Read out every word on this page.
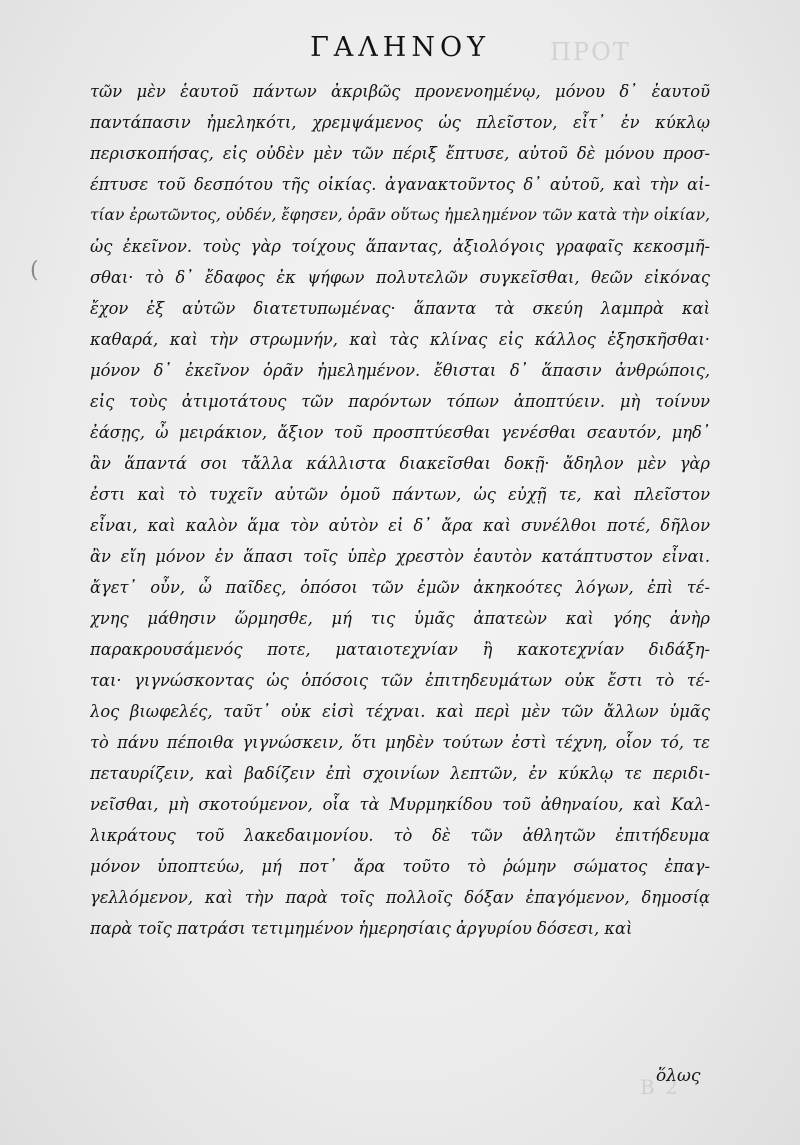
ΠΡΟΤ
B 2
(
ΓΑΛΗΝΟΥ
τῶν μὲν ἑαυτοῦ πάντων ἀκριβῶς προνενοημένῳ, μόνου δ᾽ ἑαυτοῦ
παντάπασιν ἠμεληκότι, χρεμψάμενος ὡς πλεῖστον, εἶτ᾽ ἐν κύκλῳ
περισκοπήσας, εἰς οὐδὲν μὲν τῶν πέριξ ἔπτυσε, αὐτοῦ δὲ μόνου προσ-
έπτυσε τοῦ δεσπότου τῆς οἰκίας. ἀγανακτοῦντος δ᾽ αὐτοῦ, καὶ τὴν αἰ-
τίαν ἐρωτῶντος, οὐδέν, ἔφησεν, ὁρᾶν οὕτως ἠμελημένον τῶν κατὰ τὴν οἰκίαν,
ὡς ἐκεῖνον. τοὺς γὰρ τοίχους ἅπαντας, ἀξιολόγοις γραφαῖς κεκοσμῆ-
σθαι· τὸ δ᾽ ἔδαφος ἐκ ψήφων πολυτελῶν συγκεῖσθαι, θεῶν εἰκόνας
ἔχον ἐξ αὐτῶν διατετυπωμένας· ἅπαντα τὰ σκεύη λαμπρὰ καὶ
καθαρά, καὶ τὴν στρωμνήν, καὶ τὰς κλίνας εἰς κάλλος ἐξησκῆσθαι·
μόνον δ᾽ ἐκεῖνον ὁρᾶν ἠμελημένον. ἔθισται δ᾽ ἅπασιν ἀνθρώποις,
εἰς τοὺς ἀτιμοτάτους τῶν παρόντων τόπων ἀποπτύειν. μὴ τοίνυν
ἐάσῃς, ὦ μειράκιον, ἄξιον τοῦ προσπτύεσθαι γενέσθαι σεαυτόν, μηδ᾽
ἂν ἅπαντά σοι τἄλλα κάλλιστα διακεῖσθαι δοκῇ· ἄδηλον μὲν γὰρ
ἐστι καὶ τὸ τυχεῖν αὐτῶν ὁμοῦ πάντων, ὡς εὐχῇ τε, καὶ πλεῖστον
εἶναι, καὶ καλὸν ἅμα τὸν αὐτὸν εἰ δ᾽ ἄρα καὶ συνέλθοι ποτέ, δῆλον
ἂν εἴη μόνον ἐν ἅπασι τοῖς ὑπὲρ χρεστὸν ἑαυτὸν κατάπτυστον εἶναι.
ἄγετ᾽ οὖν, ὦ παῖδες, ὁπόσοι τῶν ἐμῶν ἀκηκοότες λόγων, ἐπὶ τέ-
χνης μάθησιν ὥρμησθε, μή τις ὑμᾶς ἀπατεὼν καὶ γόης ἀνὴρ
παρακρουσάμενός ποτε, ματαιοτεχνίαν ἢ κακοτεχνίαν διδάξη-
ται· γιγνώσκοντας ὡς ὁπόσοις τῶν ἐπιτηδευμάτων οὐκ ἔστι τὸ τέ-
λος βιωφελές, ταῦτ᾽ οὐκ εἰσὶ τέχναι. καὶ περὶ μὲν τῶν ἄλλων ὑμᾶς
τὸ πάνυ πέποιθα γιγνώσκειν, ὅτι μηδὲν τούτων ἐστὶ τέχνη, οἷον τό, τε
πεταυρίζειν, καὶ βαδίζειν ἐπὶ σχοινίων λεπτῶν, ἐν κύκλῳ τε περιδι-
νεῖσθαι, μὴ σκοτούμενον, οἷα τὰ Μυρμηκίδου τοῦ ἀθηναίου, καὶ Καλ-
λικράτους τοῦ λακεδαιμονίου. τὸ δὲ τῶν ἀθλητῶν ἐπιτήδευμα
μόνον ὑποπτεύω, μή ποτ᾽ ἄρα τοῦτο τὸ ῥώμην σώματος ἐπαγ-
γελλόμενον, καὶ τὴν παρὰ τοῖς πολλοῖς δόξαν ἐπαγόμενον, δημοσίᾳ
παρὰ τοῖς πατράσι τετιμημένον ἡμερησίαις ἀργυρίου δόσεσι, καὶ
ὅλως
